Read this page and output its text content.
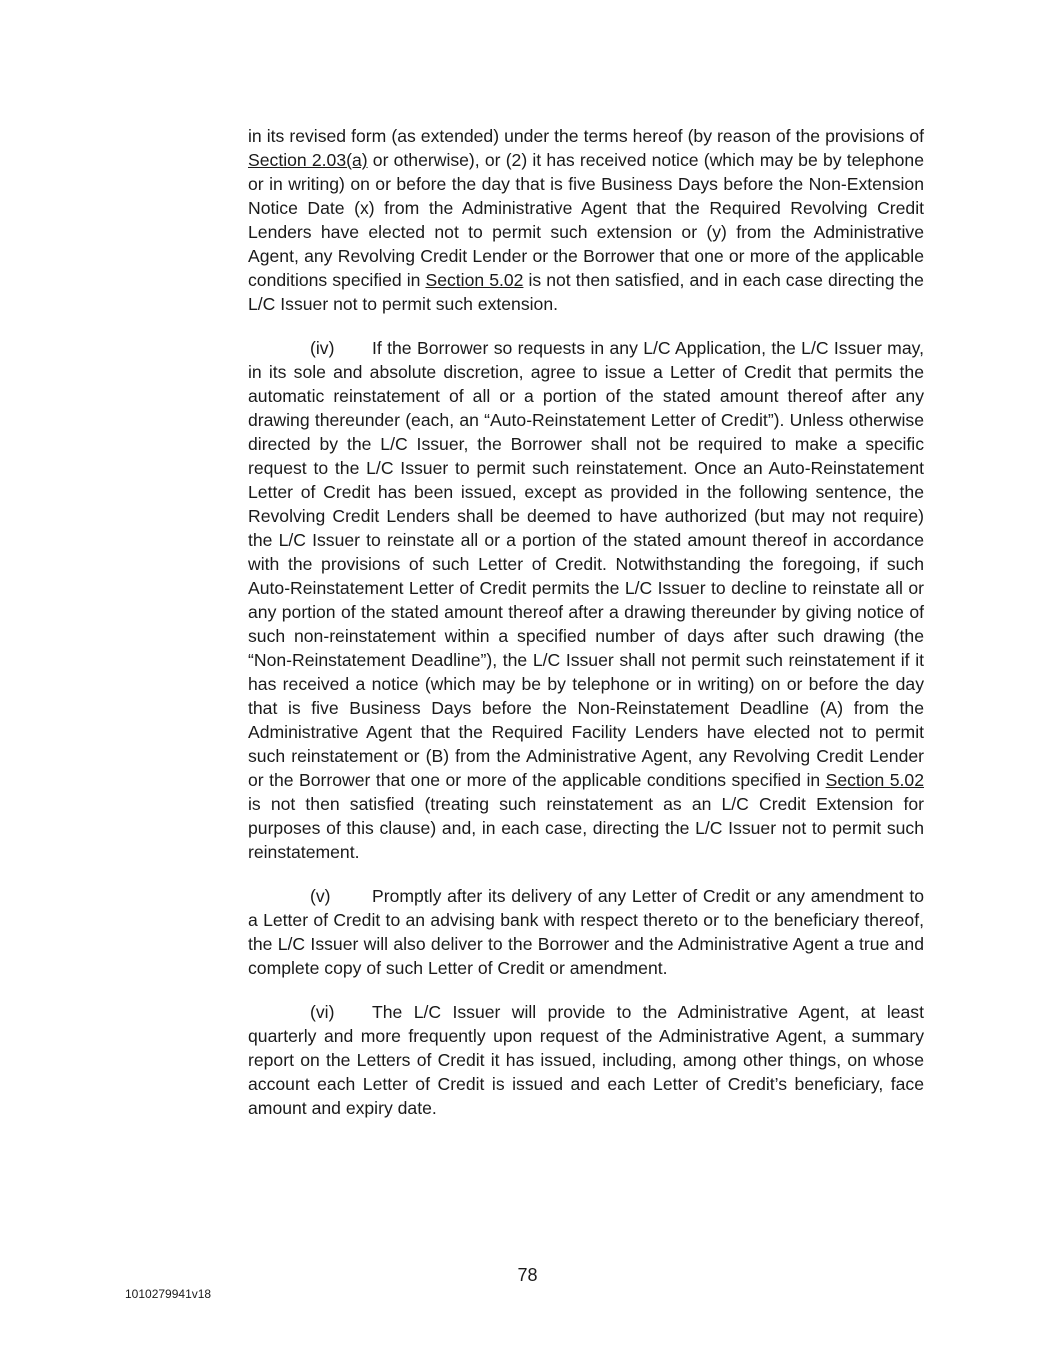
in its revised form (as extended) under the terms hereof (by reason of the provisions of Section 2.03(a) or otherwise), or (2) it has received notice (which may be by telephone or in writing) on or before the day that is five Business Days before the Non-Extension Notice Date (x) from the Administrative Agent that the Required Revolving Credit Lenders have elected not to permit such extension or (y) from the Administrative Agent, any Revolving Credit Lender or the Borrower that one or more of the applicable conditions specified in Section 5.02 is not then satisfied, and in each case directing the L/C Issuer not to permit such extension.

(iv) If the Borrower so requests in any L/C Application, the L/C Issuer may, in its sole and absolute discretion, agree to issue a Letter of Credit that permits the automatic reinstatement of all or a portion of the stated amount thereof after any drawing thereunder (each, an “Auto-Reinstatement Letter of Credit”). Unless otherwise directed by the L/C Issuer, the Borrower shall not be required to make a specific request to the L/C Issuer to permit such reinstatement. Once an Auto-Reinstatement Letter of Credit has been issued, except as provided in the following sentence, the Revolving Credit Lenders shall be deemed to have authorized (but may not require) the L/C Issuer to reinstate all or a portion of the stated amount thereof in accordance with the provisions of such Letter of Credit. Notwithstanding the foregoing, if such Auto-Reinstatement Letter of Credit permits the L/C Issuer to decline to reinstate all or any portion of the stated amount thereof after a drawing thereunder by giving notice of such non-reinstatement within a specified number of days after such drawing (the “Non-Reinstatement Deadline”), the L/C Issuer shall not permit such reinstatement if it has received a notice (which may be by telephone or in writing) on or before the day that is five Business Days before the Non-Reinstatement Deadline (A) from the Administrative Agent that the Required Facility Lenders have elected not to permit such reinstatement or (B) from the Administrative Agent, any Revolving Credit Lender or the Borrower that one or more of the applicable conditions specified in Section 5.02 is not then satisfied (treating such reinstatement as an L/C Credit Extension for purposes of this clause) and, in each case, directing the L/C Issuer not to permit such reinstatement.

(v) Promptly after its delivery of any Letter of Credit or any amendment to a Letter of Credit to an advising bank with respect thereto or to the beneficiary thereof, the L/C Issuer will also deliver to the Borrower and the Administrative Agent a true and complete copy of such Letter of Credit or amendment.

(vi) The L/C Issuer will provide to the Administrative Agent, at least quarterly and more frequently upon request of the Administrative Agent, a summary report on the Letters of Credit it has issued, including, among other things, on whose account each Letter of Credit is issued and each Letter of Credit’s beneficiary, face amount and expiry date.

78
1010279941v18
